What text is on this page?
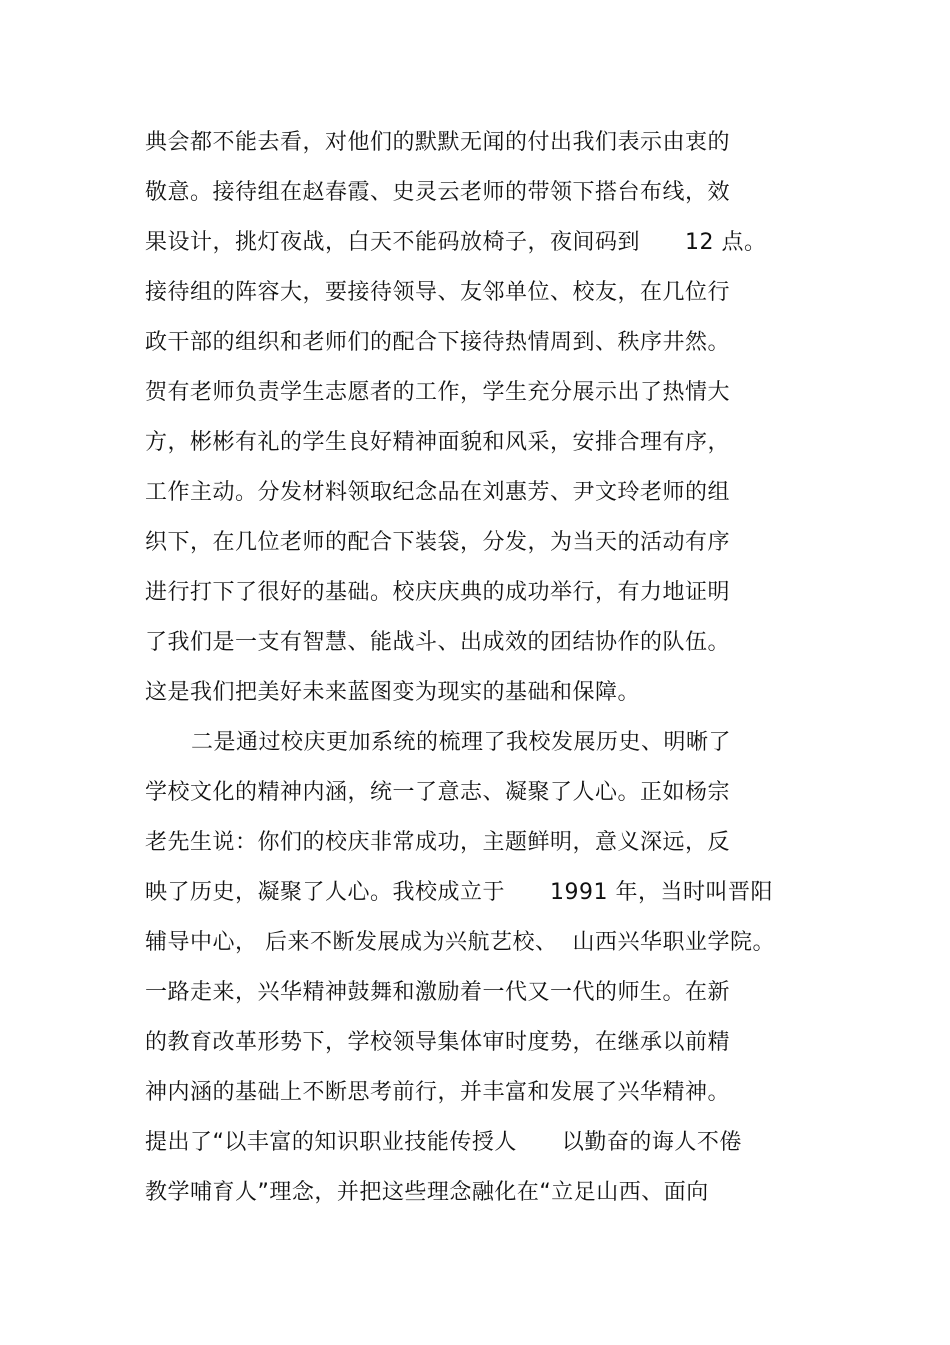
典会都不能去看，对他们的默默无闻的付出我们表示由衷的
敬意。接待组在赵春霞、史灵云老师的带领下搭台布线，效
果设计，挑灯夜战，白天不能码放椅子，夜间码到      12 点。
接待组的阵容大，要接待领导、友邻单位、校友，在几位行
政干部的组织和老师们的配合下接待热情周到、秩序井然。
贺有老师负责学生志愿者的工作，学生充分展示出了热情大
方，彬彬有礼的学生良好精神面貌和风采，安排合理有序，
工作主动。分发材料领取纪念品在刘惠芳、尹文玲老师的组
织下，在几位老师的配合下装袋，分发，为当天的活动有序
进行打下了很好的基础。校庆庆典的成功举行，有力地证明
了我们是一支有智慧、能战斗、出成效的团结协作的队伍。
这是我们把美好未来蓝图变为现实的基础和保障。
二是通过校庆更加系统的梳理了我校发展历史、明晰了
学校文化的精神内涵，统一了意志、凝聚了人心。正如杨宗
老先生说：你们的校庆非常成功，主题鲜明，意义深远，反
映了历史，凝聚了人心。我校成立于      1991 年，当时叫晋阳
辅导中心， 后来不断发展成为兴航艺校、  山西兴华职业学院。
一路走来，兴华精神鼓舞和激励着一代又一代的师生。在新
的教育改革形势下，学校领导集体审时度势，在继承以前精
神内涵的基础上不断思考前行，并丰富和发展了兴华精神。
提出了“以丰富的知识职业技能传授人      以勤奋的诲人不倦
教学哺育人”理念，并把这些理念融化在“立足山西、面向
